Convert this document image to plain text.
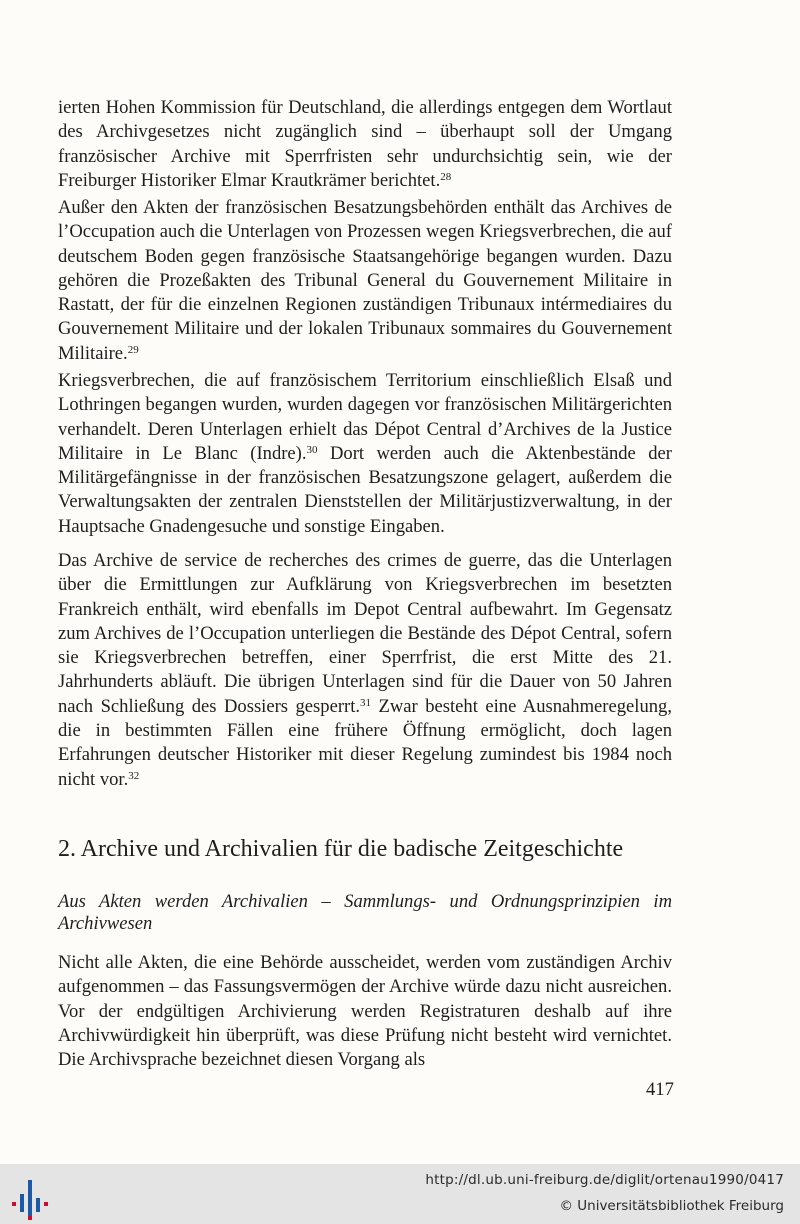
ierten Hohen Kommission für Deutschland, die allerdings entgegen dem Wortlaut des Archivgesetzes nicht zugänglich sind – überhaupt soll der Umgang französischer Archive mit Sperrfristen sehr undurchsichtig sein, wie der Freiburger Historiker Elmar Krautkrämer berichtet.$^{28}$

Außer den Akten der französischen Besatzungsbehörden enthält das Archives de l’Occupation auch die Unterlagen von Prozessen wegen Kriegsverbrechen, die auf deutschem Boden gegen französische Staatsangehörige begangen wurden. Dazu gehören die Prozeßakten des Tribunal General du Gouvernement Militaire in Rastatt, der für die einzelnen Regionen zuständigen Tribunaux intérmediaires du Gouvernement Militaire und der lokalen Tribunaux sommaires du Gouvernement Militaire.$^{29}$

Kriegsverbrechen, die auf französischem Territorium einschließlich Elsaß und Lothringen begangen wurden, wurden dagegen vor französischen Militärgerichten verhandelt. Deren Unterlagen erhielt das Dépot Central d’Archives de la Justice Militaire in Le Blanc (Indre).$^{30}$ Dort werden auch die Aktenbestände der Militärgefängnisse in der französischen Besatzungszone gelagert, außerdem die Verwaltungsakten der zentralen Dienststellen der Militärjustizverwaltung, in der Hauptsache Gnadengesuche und sonstige Eingaben.

Das Archive de service de recherches des crimes de guerre, das die Unterlagen über die Ermittlungen zur Aufklärung von Kriegsverbrechen im besetzten Frankreich enthält, wird ebenfalls im Depot Central aufbewahrt. Im Gegensatz zum Archives de l’Occupation unterliegen die Bestände des Dépot Central, sofern sie Kriegsverbrechen betreffen, einer Sperrfrist, die erst Mitte des 21. Jahrhunderts abläuft. Die übrigen Unterlagen sind für die Dauer von 50 Jahren nach Schließung des Dossiers gesperrt.$^{31}$ Zwar besteht eine Ausnahmeregelung, die in bestimmten Fällen eine frühere Öffnung ermöglicht, doch lagen Erfahrungen deutscher Historiker mit dieser Regelung zumindest bis 1984 noch nicht vor.$^{32}$

2. Archive und Archivalien für die badische Zeitgeschichte

Aus Akten werden Archivalien – Sammlungs- und Ordnungsprinzipien im Archivwesen

Nicht alle Akten, die eine Behörde ausscheidet, werden vom zuständigen Archiv aufgenommen – das Fassungsvermögen der Archive würde dazu nicht ausreichen. Vor der endgültigen Archivierung werden Registraturen deshalb auf ihre Archivwürdigkeit hin überprüft, was diese Prüfung nicht besteht wird vernichtet. Die Archivsprache bezeichnet diesen Vorgang als

417
http://dl.ub.uni-freiburg.de/diglit/ortenau1990/0417
© Universitätsbibliothek Freiburg
